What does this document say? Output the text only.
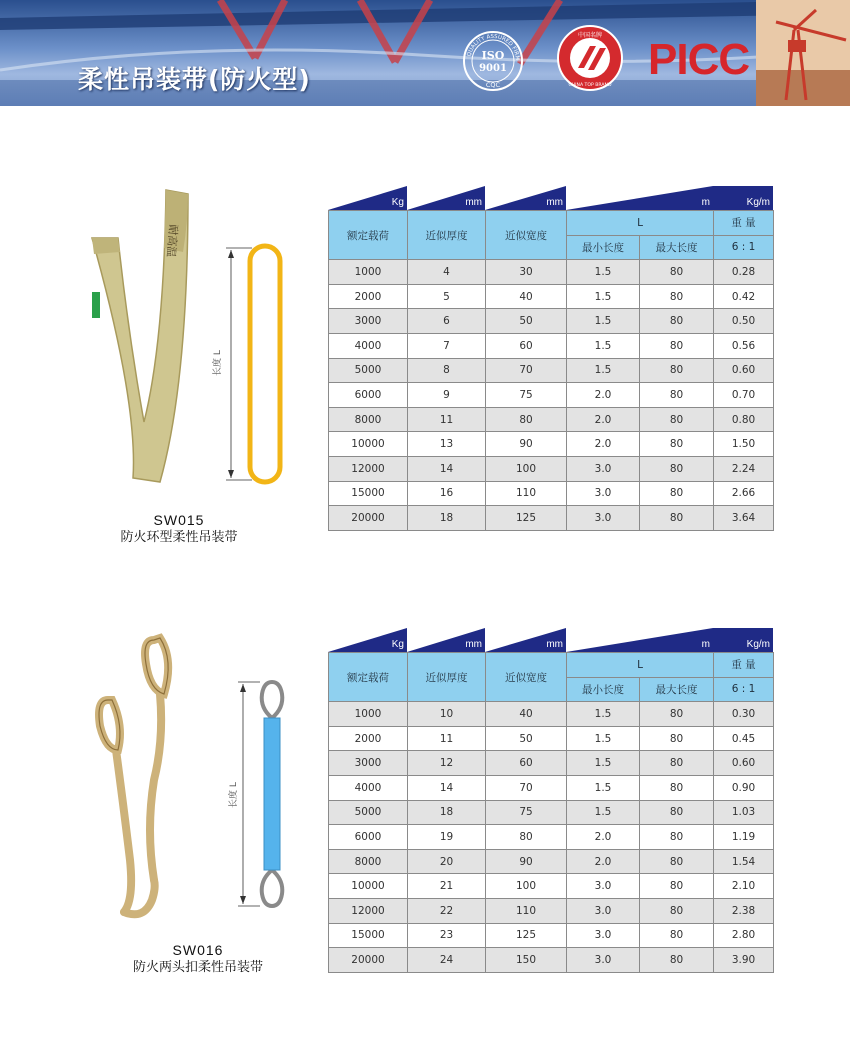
柔性吊装带(防火型)
QUALITY ASSURED FIRM
ISO
9001
CQC
中国名牌
CHINA TOP BRAND
PICC
耐高温
长度 L
SW015
防火环型柔性吊装带
Kg	mm	mm	m	Kg/m
额定载荷	近似厚度	近似宽度	L		重 量
			最小长度	最大长度	6 : 1
1000	4	30	1.5	80	0.28
2000	5	40	1.5	80	0.42
3000	6	50	1.5	80	0.50
4000	7	60	1.5	80	0.56
5000	8	70	1.5	80	0.60
6000	9	75	2.0	80	0.70
8000	11	80	2.0	80	0.80
10000	13	90	2.0	80	1.50
12000	14	100	3.0	80	2.24
15000	16	110	3.0	80	2.66
20000	18	125	3.0	80	3.64
长度 L
SW016
防火两头扣柔性吊装带
Kg	mm	mm	m	Kg/m
额定载荷	近似厚度	近似宽度	L		重 量
			最小长度	最大长度	6 : 1
1000	10	40	1.5	80	0.30
2000	11	50	1.5	80	0.45
3000	12	60	1.5	80	0.60
4000	14	70	1.5	80	0.90
5000	18	75	1.5	80	1.03
6000	19	80	2.0	80	1.19
8000	20	90	2.0	80	1.54
10000	21	100	3.0	80	2.10
12000	22	110	3.0	80	2.38
15000	23	125	3.0	80	2.80
20000	24	150	3.0	80	3.90
